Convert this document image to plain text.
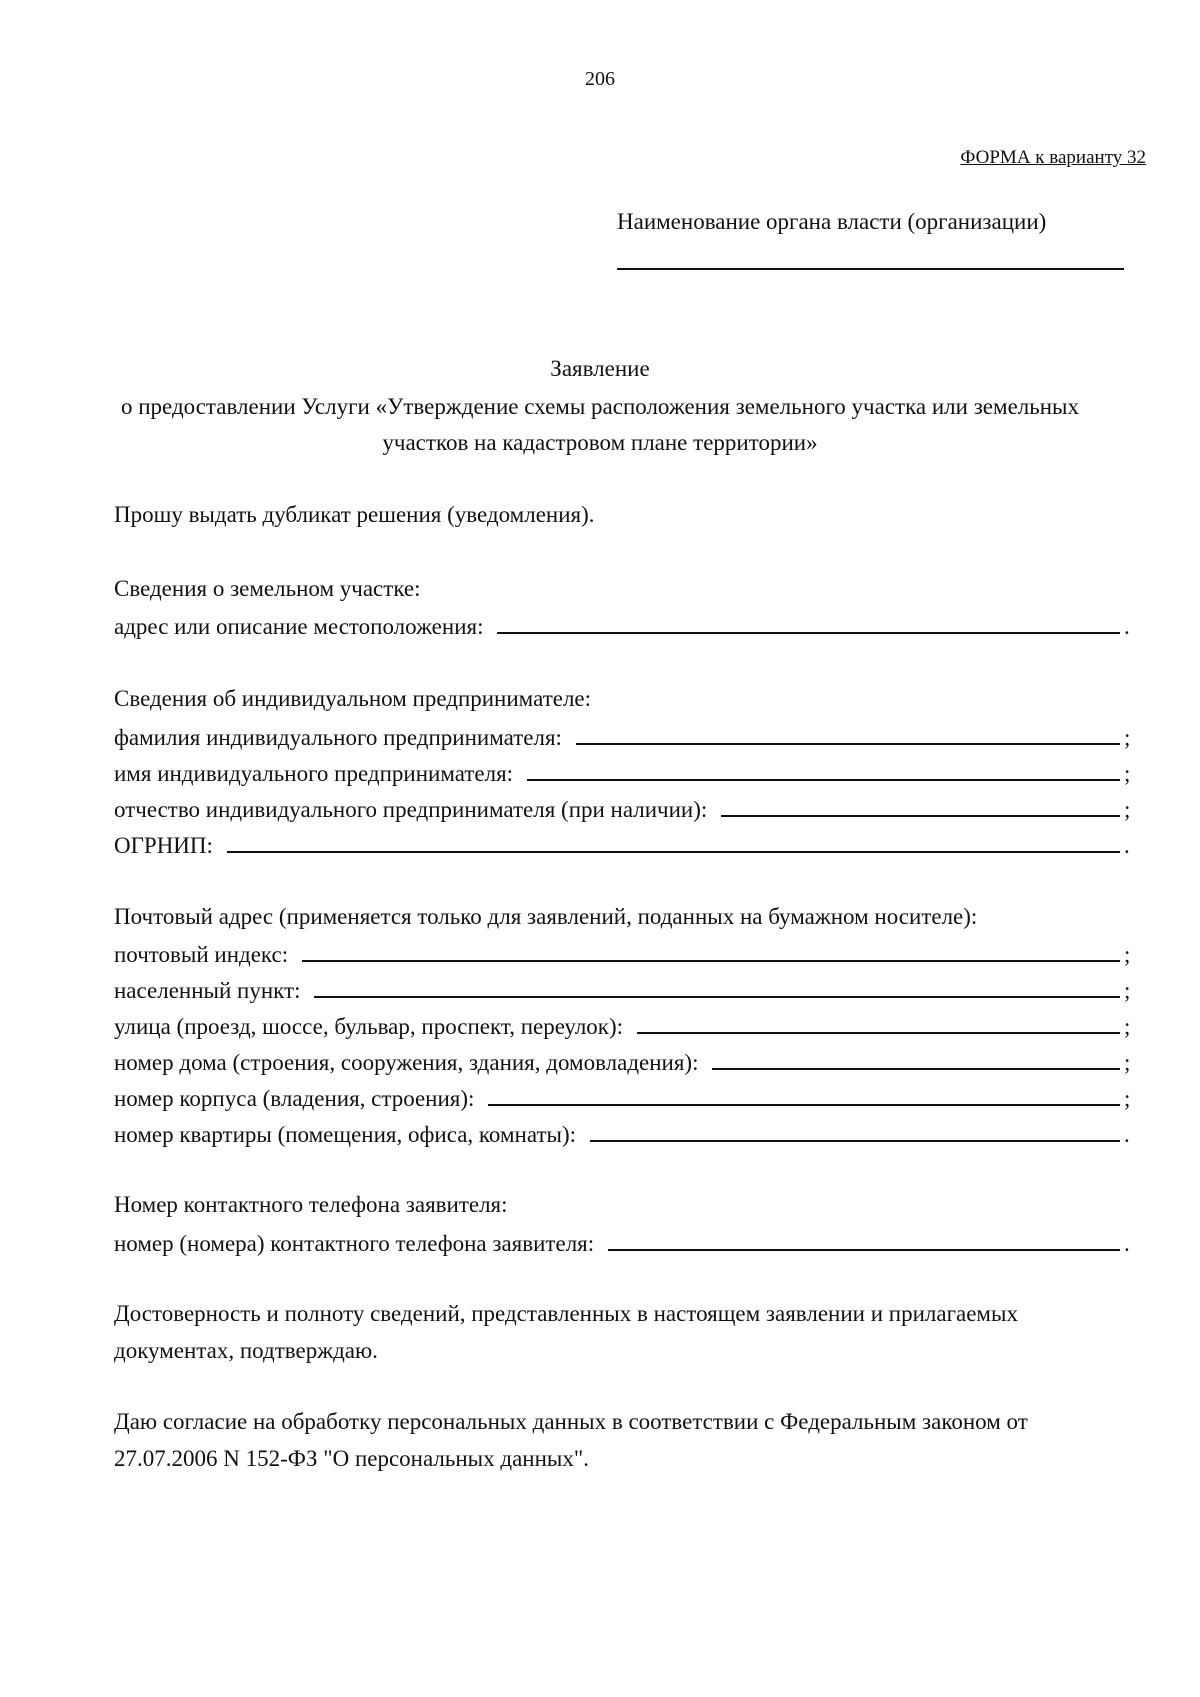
206
ФОРМА к варианту 32
Наименование органа власти (организации)
Заявление
о предоставлении Услуги «Утверждение схемы расположения земельного участка или земельных
участков на кадастровом плане территории»
Прошу выдать дубликат решения (уведомления).
Сведения о земельном участке:
адрес или описание местоположения:	.
Сведения об индивидуальном предпринимателе:
фамилия индивидуального предпринимателя:	;
имя индивидуального предпринимателя:	;
отчество индивидуального предпринимателя (при наличии):	;
ОГРНИП:	.
Почтовый адрес (применяется только для заявлений, поданных на бумажном носителе):
почтовый индекс:	;
населенный пункт:	;
улица (проезд, шоссе, бульвар, проспект, переулок):	;
номер дома (строения, сооружения, здания, домовладения):	;
номер корпуса (владения, строения):	;
номер квартиры (помещения, офиса, комнаты):	.
Номер контактного телефона заявителя:
номер (номера) контактного телефона заявителя:	.
Достоверность и полноту сведений, представленных в настоящем заявлении и прилагаемых
документах, подтверждаю.
Даю согласие на обработку персональных данных в соответствии с Федеральным законом от
27.07.2006 N 152-ФЗ "О персональных данных".
